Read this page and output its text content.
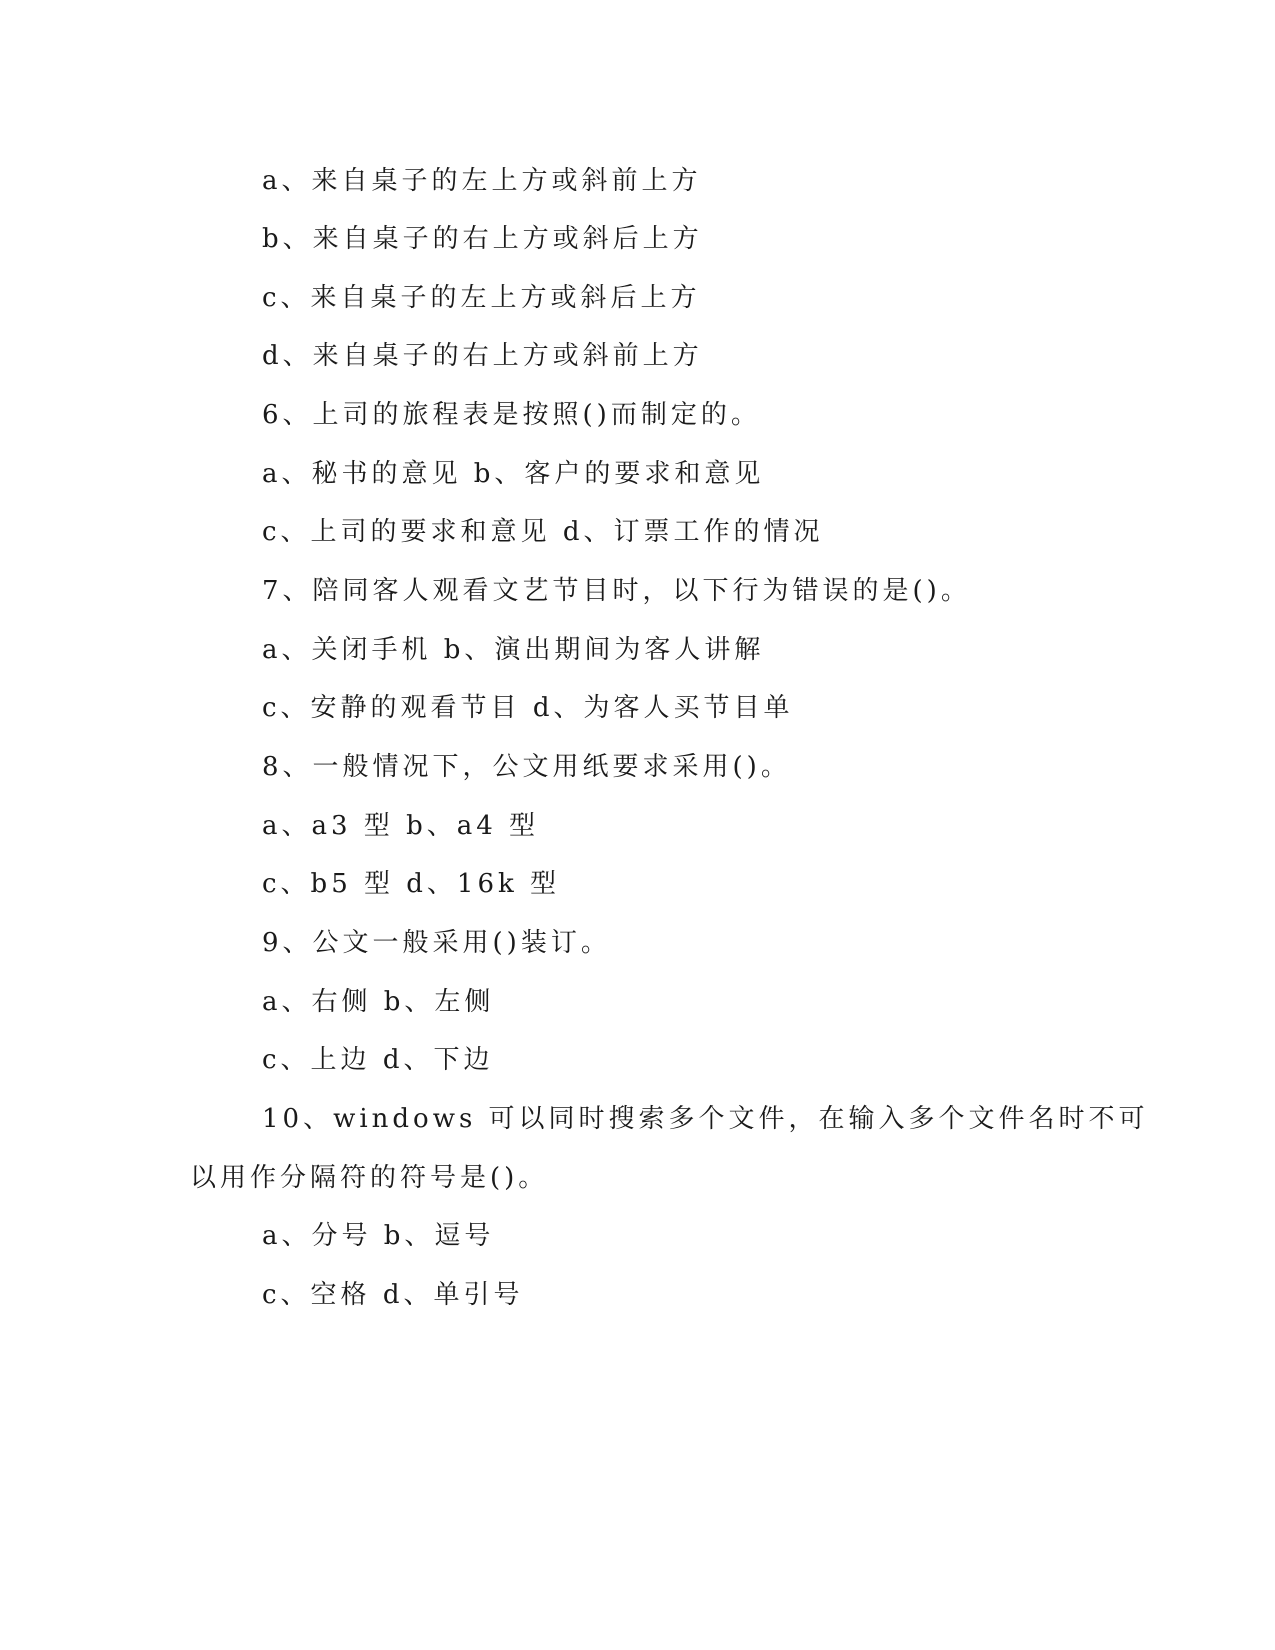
a、来自桌子的左上方或斜前上方
b、来自桌子的右上方或斜后上方
c、来自桌子的左上方或斜后上方
d、来自桌子的右上方或斜前上方
6、上司的旅程表是按照()而制定的。
a、秘书的意见 b、客户的要求和意见
c、上司的要求和意见 d、订票工作的情况
7、陪同客人观看文艺节目时，以下行为错误的是()。
a、关闭手机 b、演出期间为客人讲解
c、安静的观看节目 d、为客人买节目单
8、一般情况下，公文用纸要求采用()。
a、a3 型 b、a4 型
c、b5 型 d、16k 型
9、公文一般采用()装订。
a、右侧 b、左侧
c、上边 d、下边
10、windows 可以同时搜索多个文件，在输入多个文件名时不可
以用作分隔符的符号是()。
a、分号 b、逗号
c、空格 d、单引号
